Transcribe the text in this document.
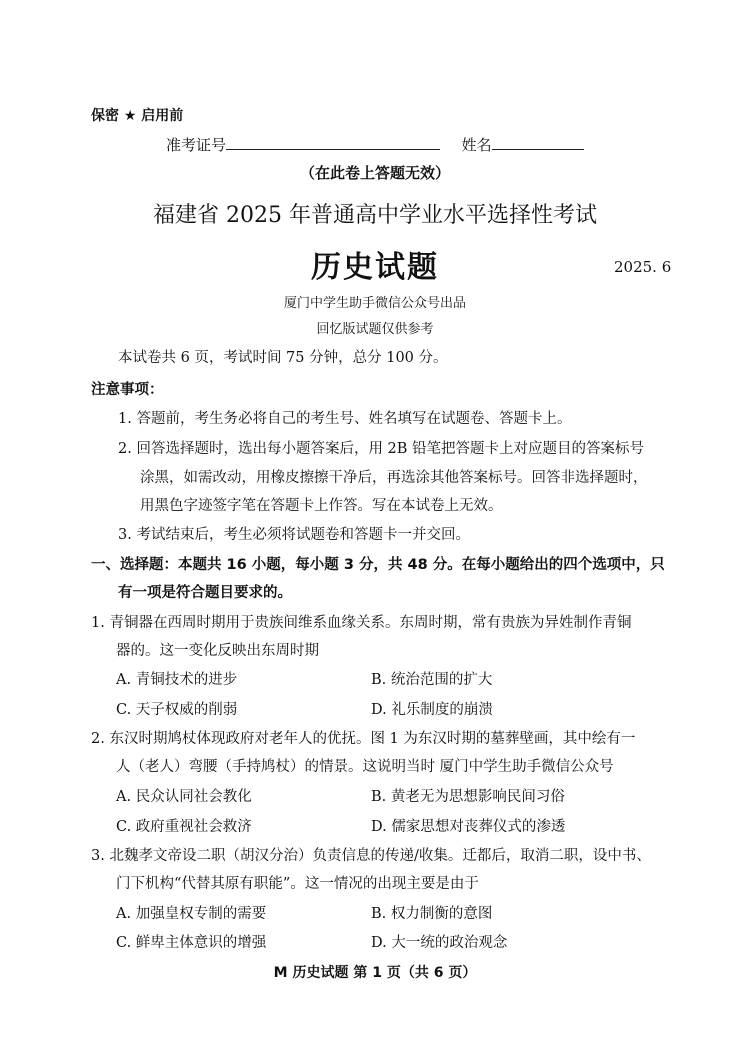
保密 ★ 启用前
准考证号	姓名
（在此卷上答题无效）
福建省 2025 年普通高中学业水平选择性考试
历史试题	2025. 6
厦门中学生助手微信公众号出品
回忆版试题仅供参考
本试卷共 6 页，考试时间 75 分钟，总分 100 分。
注意事项：
1. 答题前，考生务必将自己的考生号、姓名填写在试题卷、答题卡上。
2. 回答选择题时，选出每小题答案后，用 2B 铅笔把答题卡上对应题目的答案标号
涂黑，如需改动，用橡皮擦擦干净后，再选涂其他答案标号。回答非选择题时，
用黑色字迹签字笔在答题卡上作答。写在本试卷上无效。
3. 考试结束后，考生必须将试题卷和答题卡一并交回。
一、选择题：本题共 16 小题，每小题 3 分，共 48 分。在每小题给出的四个选项中，只
有一项是符合题目要求的。
1. 青铜器在西周时期用于贵族间维系血缘关系。东周时期，常有贵族为异姓制作青铜
器的。这一变化反映出东周时期
A. 青铜技术的进步	B. 统治范围的扩大
C. 天子权威的削弱	D. 礼乐制度的崩溃
2. 东汉时期鸠杖体现政府对老年人的优抚。图 1 为东汉时期的墓葬壁画，其中绘有一
人（老人）弯腰（手持鸠杖）的情景。这说明当时 厦门中学生助手微信公众号
A. 民众认同社会教化	B. 黄老无为思想影响民间习俗
C. 政府重视社会救济	D. 儒家思想对丧葬仪式的渗透
3. 北魏孝文帝设二职（胡汉分治）负责信息的传递/收集。迁都后，取消二职，设中书、
门下机构“代替其原有职能”。这一情况的出现主要是由于
A. 加强皇权专制的需要	B. 权力制衡的意图
C. 鲜卑主体意识的增强	D. 大一统的政治观念
M 历史试题 第 1 页（共 6 页）
